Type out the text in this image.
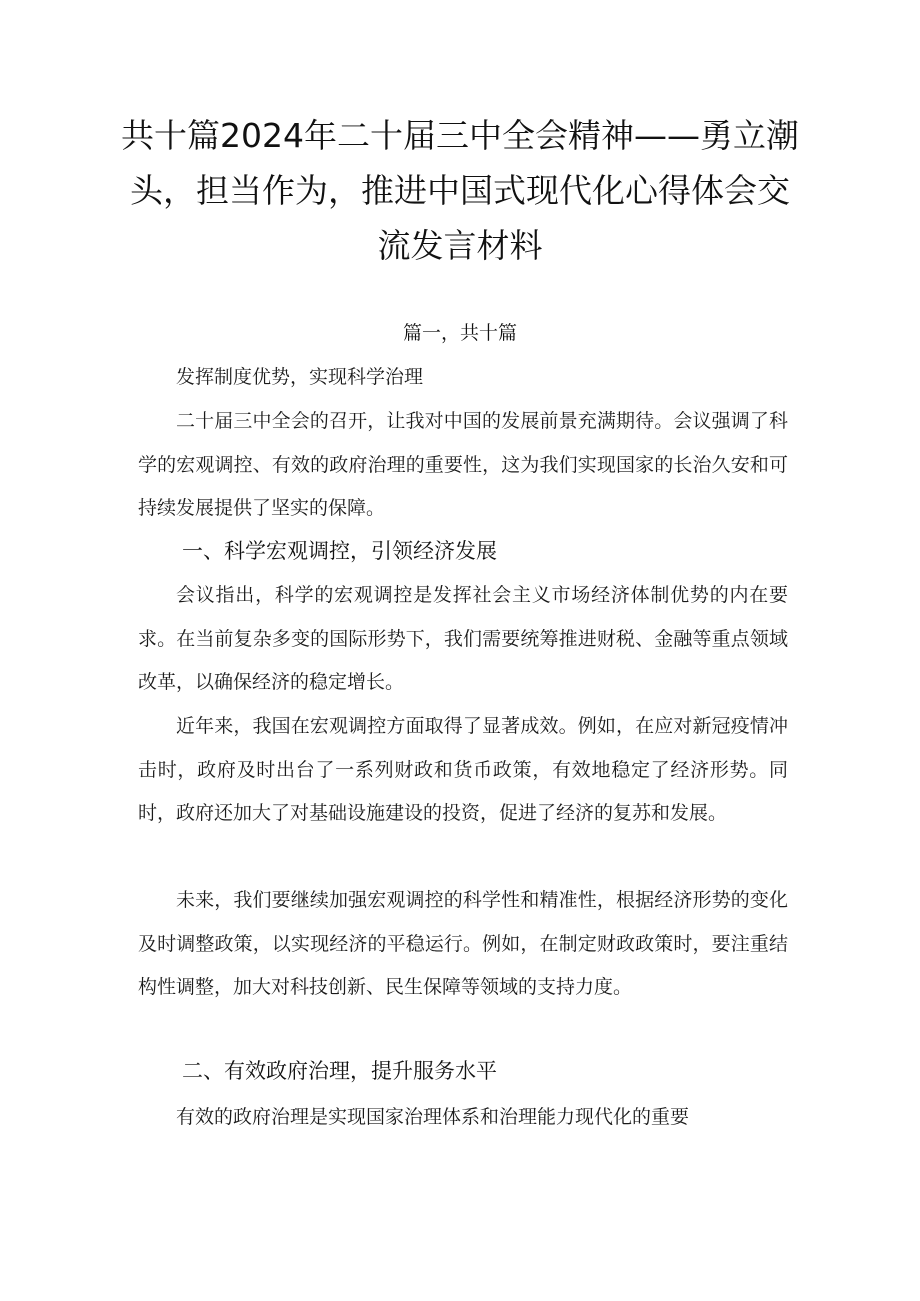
共十篇2024年二十届三中全会精神——勇立潮头，担当作为，推进中国式现代化心得体会交流发言材料
篇一，共十篇

发挥制度优势，实现科学治理

二十届三中全会的召开，让我对中国的发展前景充满期待。会议强调了科学的宏观调控、有效的政府治理的重要性，这为我们实现国家的长治久安和可持续发展提供了坚实的保障。

一、科学宏观调控，引领经济发展

会议指出，科学的宏观调控是发挥社会主义市场经济体制优势的内在要求。在当前复杂多变的国际形势下，我们需要统筹推进财税、金融等重点领域改革，以确保经济的稳定增长。

近年来，我国在宏观调控方面取得了显著成效。例如，在应对新冠疫情冲击时，政府及时出台了一系列财政和货币政策，有效地稳定了经济形势。同时，政府还加大了对基础设施建设的投资，促进了经济的复苏和发展。

未来，我们要继续加强宏观调控的科学性和精准性，根据经济形势的变化及时调整政策，以实现经济的平稳运行。例如，在制定财政政策时，要注重结构性调整，加大对科技创新、民生保障等领域的支持力度。

二、有效政府治理，提升服务水平

有效的政府治理是实现国家治理体系和治理能力现代化的重要
